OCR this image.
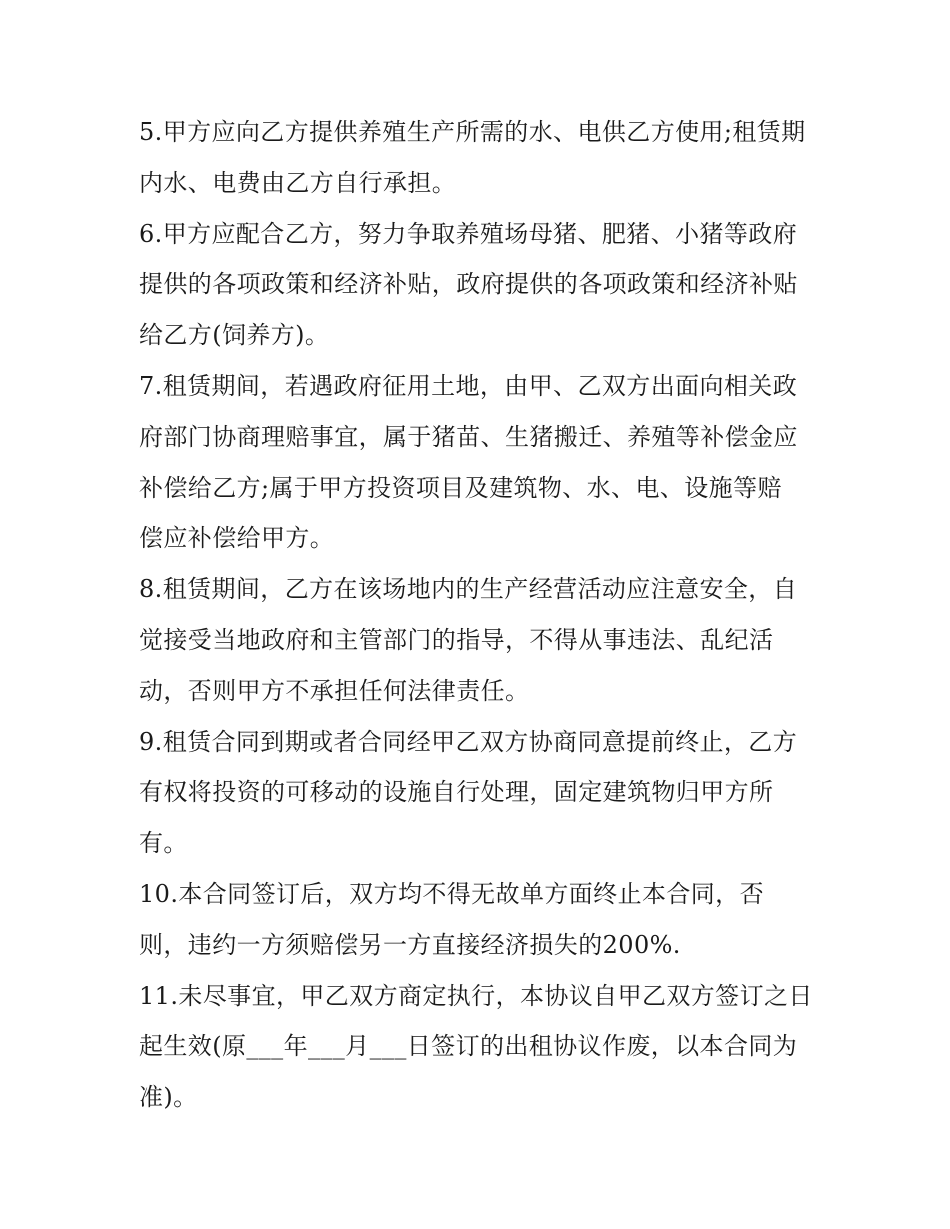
5.甲方应向乙方提供养殖生产所需的水、电供乙方使用;租赁期
内水、电费由乙方自行承担。
6.甲方应配合乙方，努力争取养殖场母猪、肥猪、小猪等政府
提供的各项政策和经济补贴，政府提供的各项政策和经济补贴
给乙方(饲养方)。
7.租赁期间，若遇政府征用土地，由甲、乙双方出面向相关政
府部门协商理赔事宜，属于猪苗、生猪搬迁、养殖等补偿金应
补偿给乙方;属于甲方投资项目及建筑物、水、电、设施等赔
偿应补偿给甲方。
8.租赁期间，乙方在该场地内的生产经营活动应注意安全，自
觉接受当地政府和主管部门的指导，不得从事违法、乱纪活
动，否则甲方不承担任何法律责任。
9.租赁合同到期或者合同经甲乙双方协商同意提前终止，乙方
有权将投资的可移动的设施自行处理，固定建筑物归甲方所
有。
10.本合同签订后，双方均不得无故单方面终止本合同，否
则，违约一方须赔偿另一方直接经济损失的200%.
11.未尽事宜，甲乙双方商定执行，本协议自甲乙双方签订之日
起生效(原___年___月___日签订的出租协议作废，以本合同为
准)。
